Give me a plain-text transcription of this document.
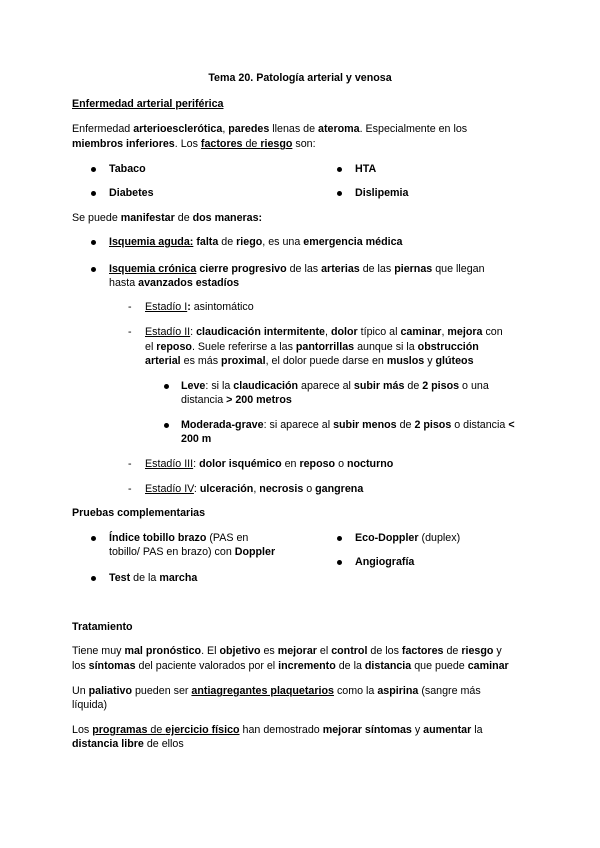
Tema 20. Patología arterial y venosa
Enfermedad arterial periférica
Enfermedad arterioesclerótica, paredes llenas de ateroma. Especialmente en los
miembros inferiores. Los factores de riesgo son:
Tabaco	HTA
Diabetes	Dislipemia
Se puede manifestar de dos maneras:
Isquemia aguda: falta de riego, es una emergencia médica
Isquemia crónica cierre progresivo de las arterias de las piernas que llegan
hasta avanzados estadíos
- Estadío I: asintomático
- Estadío II: claudicación intermitente, dolor típico al caminar, mejora con
el reposo. Suele referirse a las pantorrillas aunque si la obstrucción
arterial es más proximal, el dolor puede darse en muslos y glúteos
Leve: si la claudicación aparece al subir más de 2 pisos o una
distancia > 200 metros
Moderada-grave: si aparece al subir menos de 2 pisos o distancia <
200 m
- Estadío III: dolor isquémico en reposo o nocturno
- Estadío IV: ulceración, necrosis o gangrena
Pruebas complementarias
Índice tobillo brazo (PAS en
tobillo/ PAS en brazo) con Doppler
Test de la marcha
Eco-Doppler (duplex)
Angiografía
Tratamiento
Tiene muy mal pronóstico. El objetivo es mejorar el control de los factores de riesgo y
los síntomas del paciente valorados por el incremento de la distancia que puede caminar
Un paliativo pueden ser antiagregantes plaquetarios como la aspirina (sangre más
líquida)
Los programas de ejercicio físico han demostrado mejorar síntomas y aumentar la
distancia libre de ellos
